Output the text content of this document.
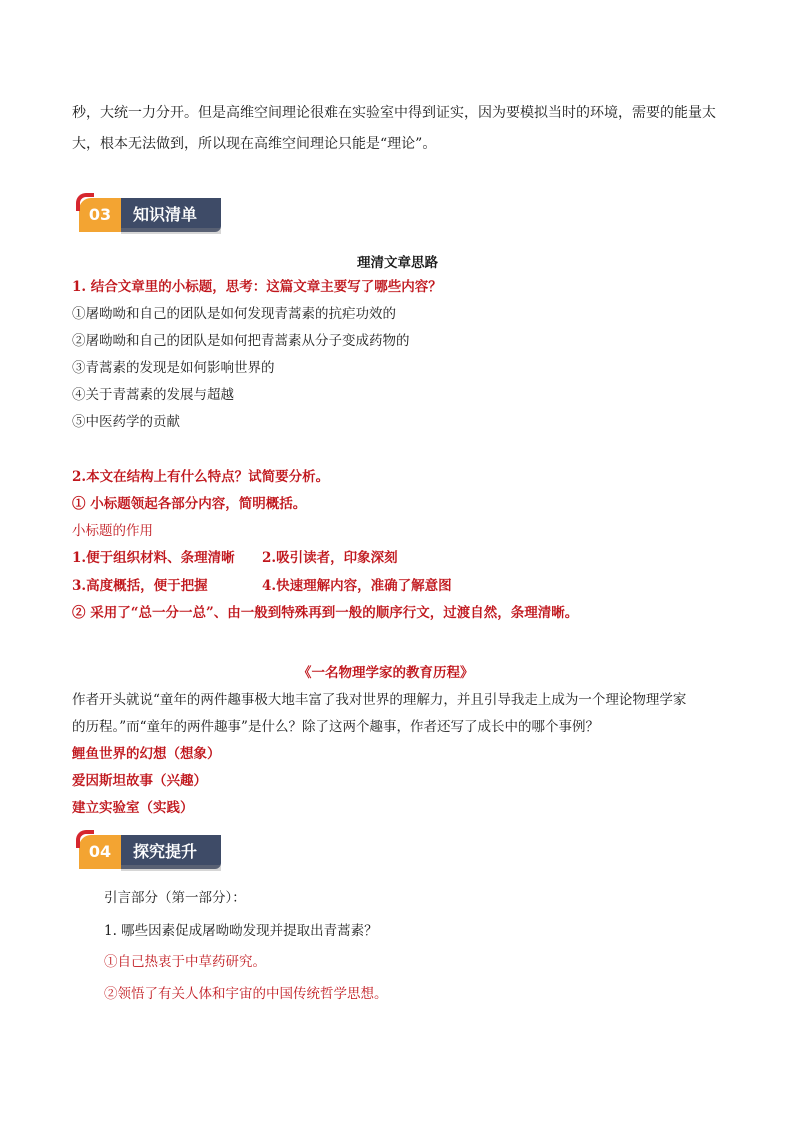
秒，大统一力分开。但是高维空间理论很难在实验室中得到证实，因为要模拟当时的环境，需要的能量太
大，根本无法做到，所以现在高维空间理论只能是“理论”。
03	知识清单
理清文章思路
1. 结合文章里的小标题，思考：这篇文章主要写了哪些内容？
①屠呦呦和自己的团队是如何发现青蒿素的抗疟功效的
②屠呦呦和自己的团队是如何把青蒿素从分子变成药物的
③青蒿素的发现是如何影响世界的
④关于青蒿素的发展与超越
⑤中医药学的贡献
2.本文在结构上有什么特点？试简要分析。
① 小标题领起各部分内容，简明概括。
小标题的作用
1.便于组织材料、条理清晰 2.吸引读者，印象深刻
3.高度概括，便于把握	4.快速理解内容，准确了解意图
② 采用了“总一分一总”、由一般到特殊再到一般的顺序行文，过渡自然，条理清晰。
《一名物理学家的教育历程》
作者开头就说“童年的两件趣事极大地丰富了我对世界的理解力，并且引导我走上成为一个理论物理学家
的历程。”而“童年的两件趣事”是什么？除了这两个趣事，作者还写了成长中的哪个事例？
鲤鱼世界的幻想（想象）
爱因斯坦故事（兴趣）
建立实验室（实践）
04	探究提升
引言部分（第一部分）：
1. 哪些因素促成屠呦呦发现并提取出青蒿素？
①自己热衷于中草药研究。
②领悟了有关人体和宇宙的中国传统哲学思想。
